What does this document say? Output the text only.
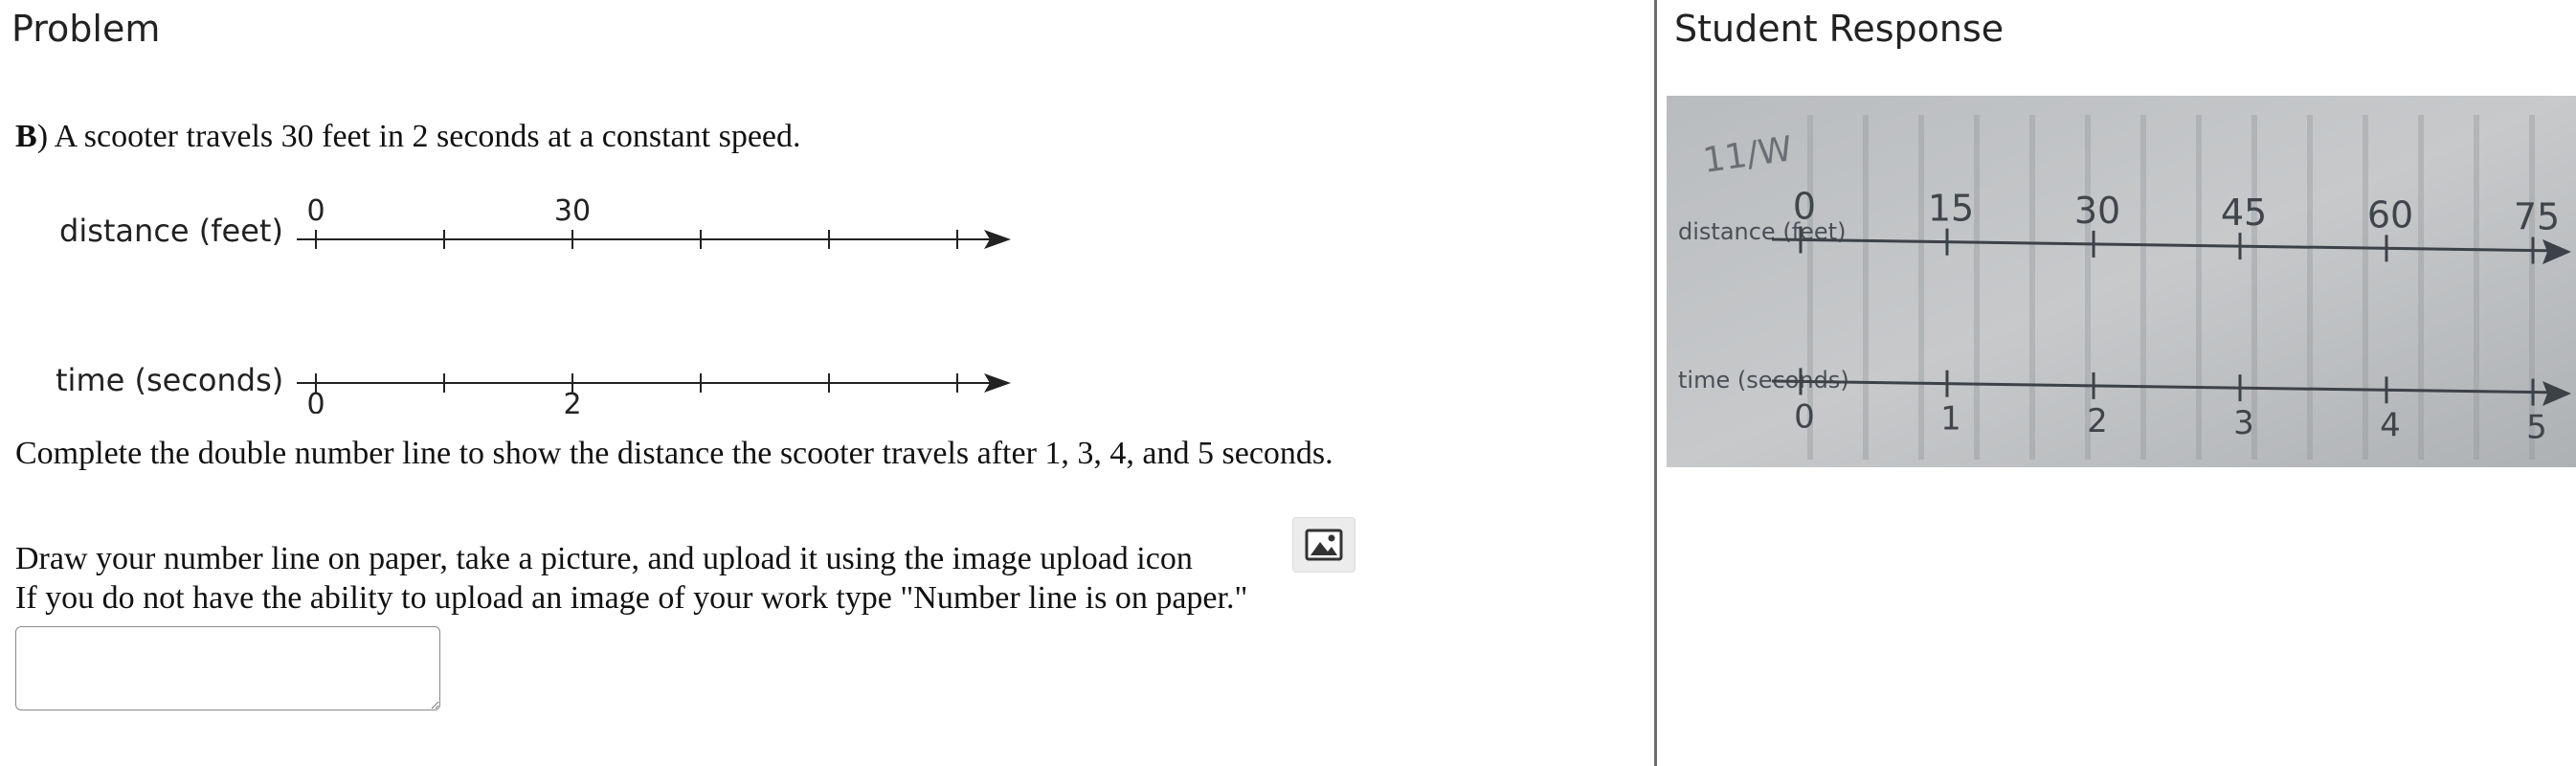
Problem
B) A scooter travels 30 feet in 2 seconds at a constant speed.
distance (feet)
0	30
time (seconds)
0	2
Complete the double number line to show the distance the scooter travels after 1, 3, 4, and 5 seconds.
Draw your number line on paper, take a picture, and upload it using the image upload icon
If you do not have the ability to upload an image of your work type "Number line is on paper."
Student Response
11/W
distance (feet)
0	15	30	45	60	75
time (seconds)
0	1	2	3	4	5
